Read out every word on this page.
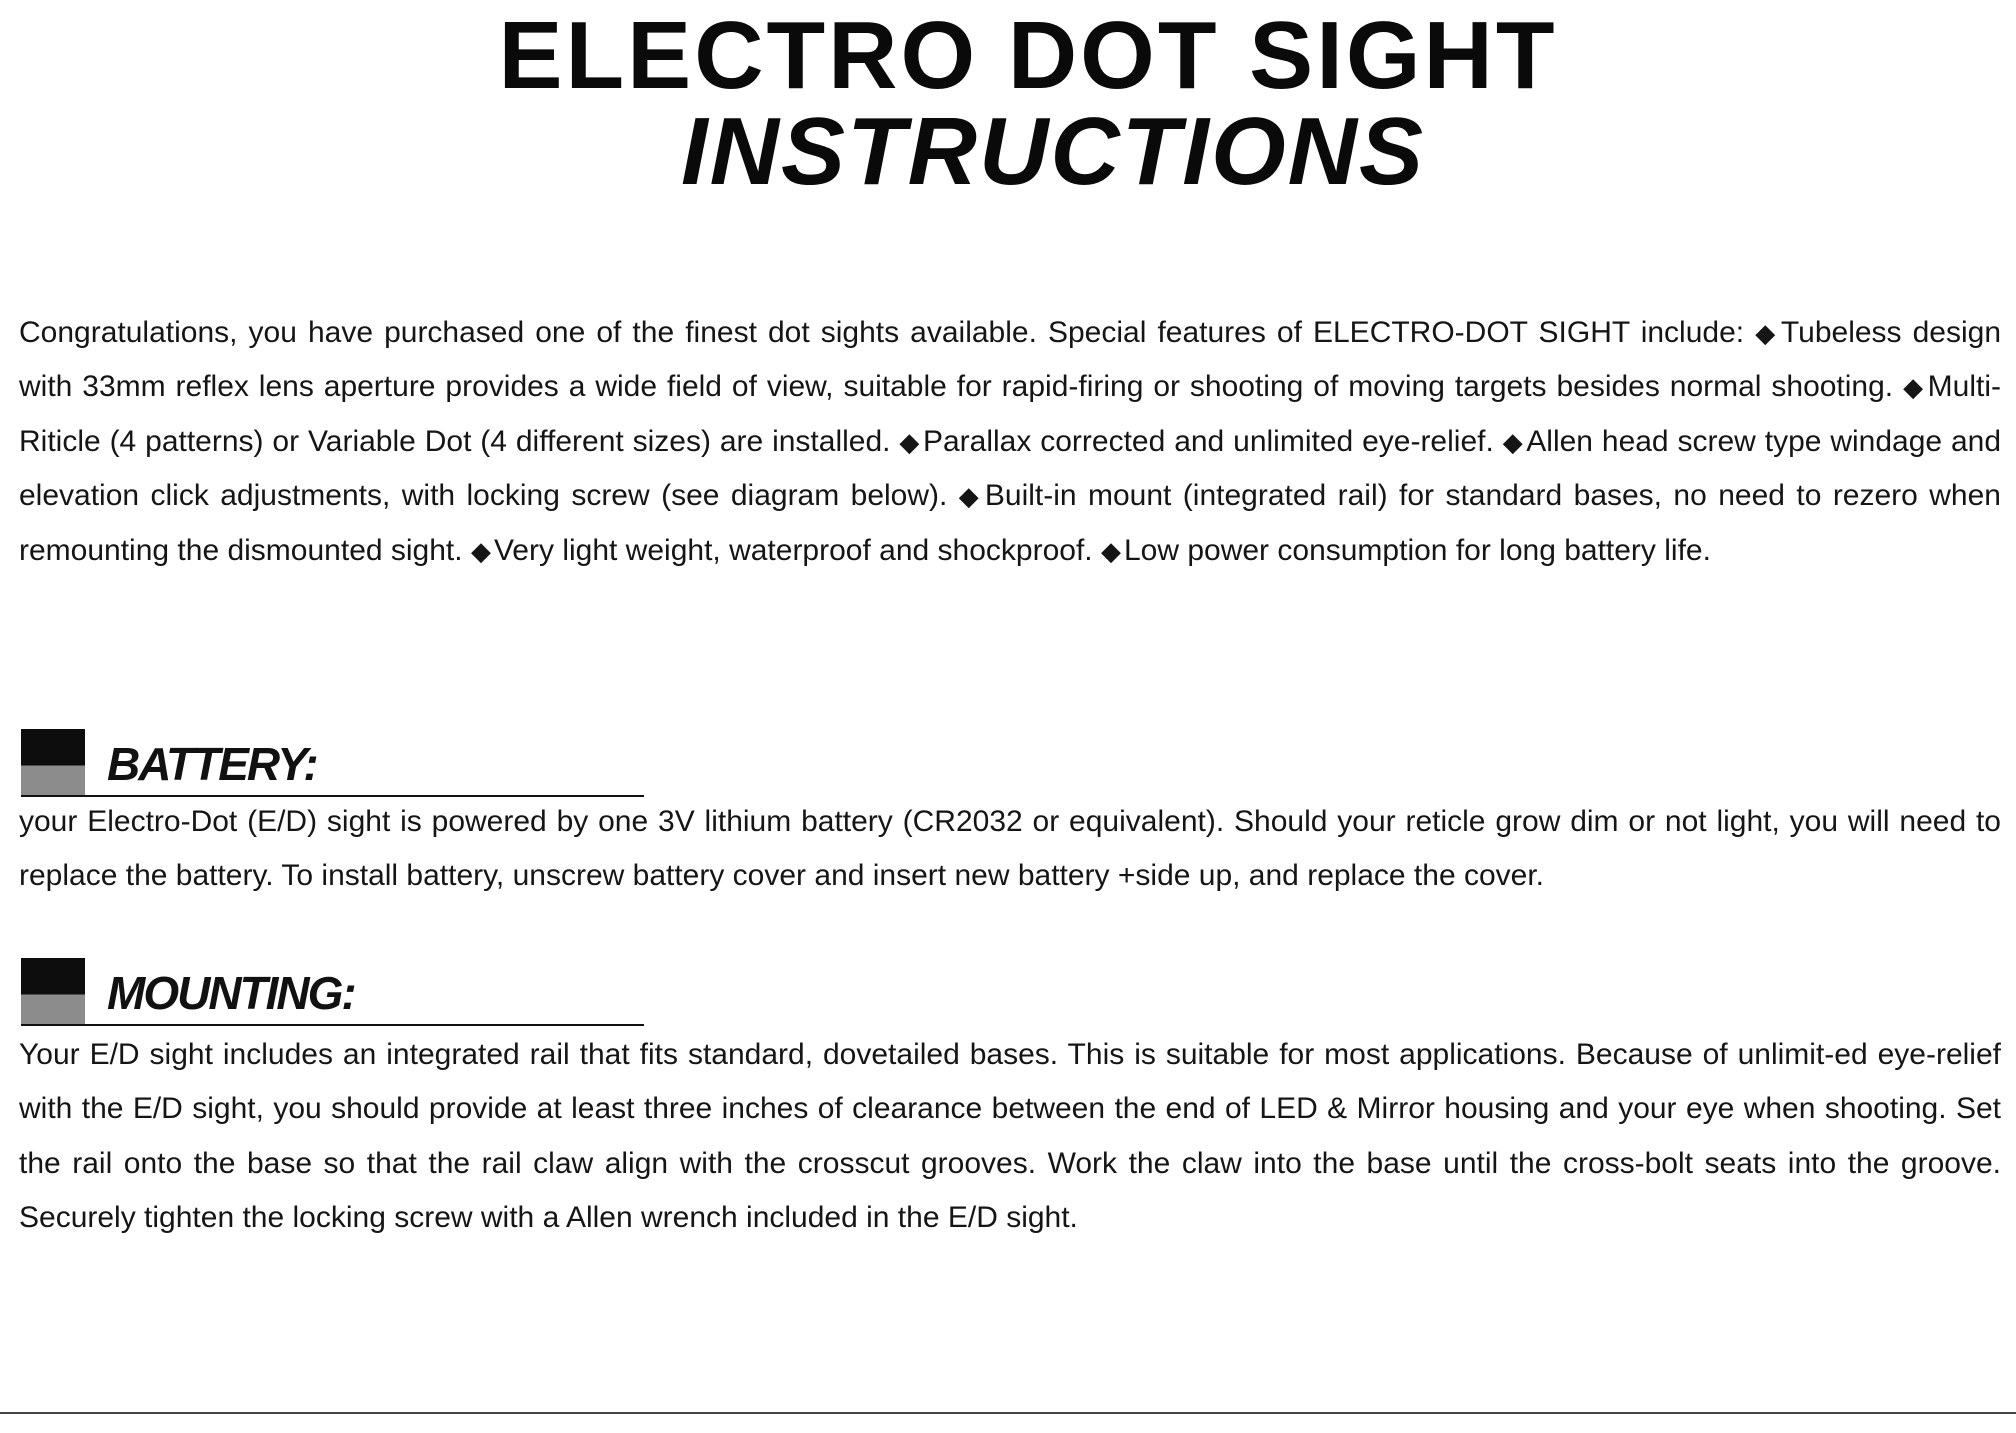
ELECTRO DOT SIGHT
INSTRUCTIONS

Congratulations, you have purchased one of the finest dot sights available. Special features of ELECTRO-DOT SIGHT include: ◆ Tubeless design with 33mm reflex lens aperture provides a wide field of view, suitable for rapid-firing or shooting of moving targets besides normal shooting. ◆ Multi-Riticle (4 patterns) or Variable Dot (4 different sizes) are installed. ◆ Parallax corrected and unlimited eye-relief. ◆ Allen head screw type windage and elevation click adjustments, with locking screw (see diagram below). ◆ Built-in mount (integrated rail) for standard bases, no need to rezero when remounting the dismounted sight. ◆ Very light weight, waterproof and shockproof. ◆ Low power consumption for long battery life.

BATTERY:

your Electro-Dot (E/D) sight is powered by one 3V lithium battery (CR2032 or equivalent). Should your reticle grow dim or not light, you will need to replace the battery. To install battery, unscrew battery cover and insert new battery +side up, and replace the cover.

MOUNTING:

Your E/D sight includes an integrated rail that fits standard, dovetailed bases. This is suitable for most applications. Because of unlimit-ed eye-relief with the E/D sight, you should provide at least three inches of clearance between the end of LED & Mirror housing and your eye when shooting. Set the rail onto the base so that the rail claw align with the crosscut grooves. Work the claw into the base until the cross-bolt seats into the groove. Securely tighten the locking screw with a Allen wrench included in the E/D sight.
